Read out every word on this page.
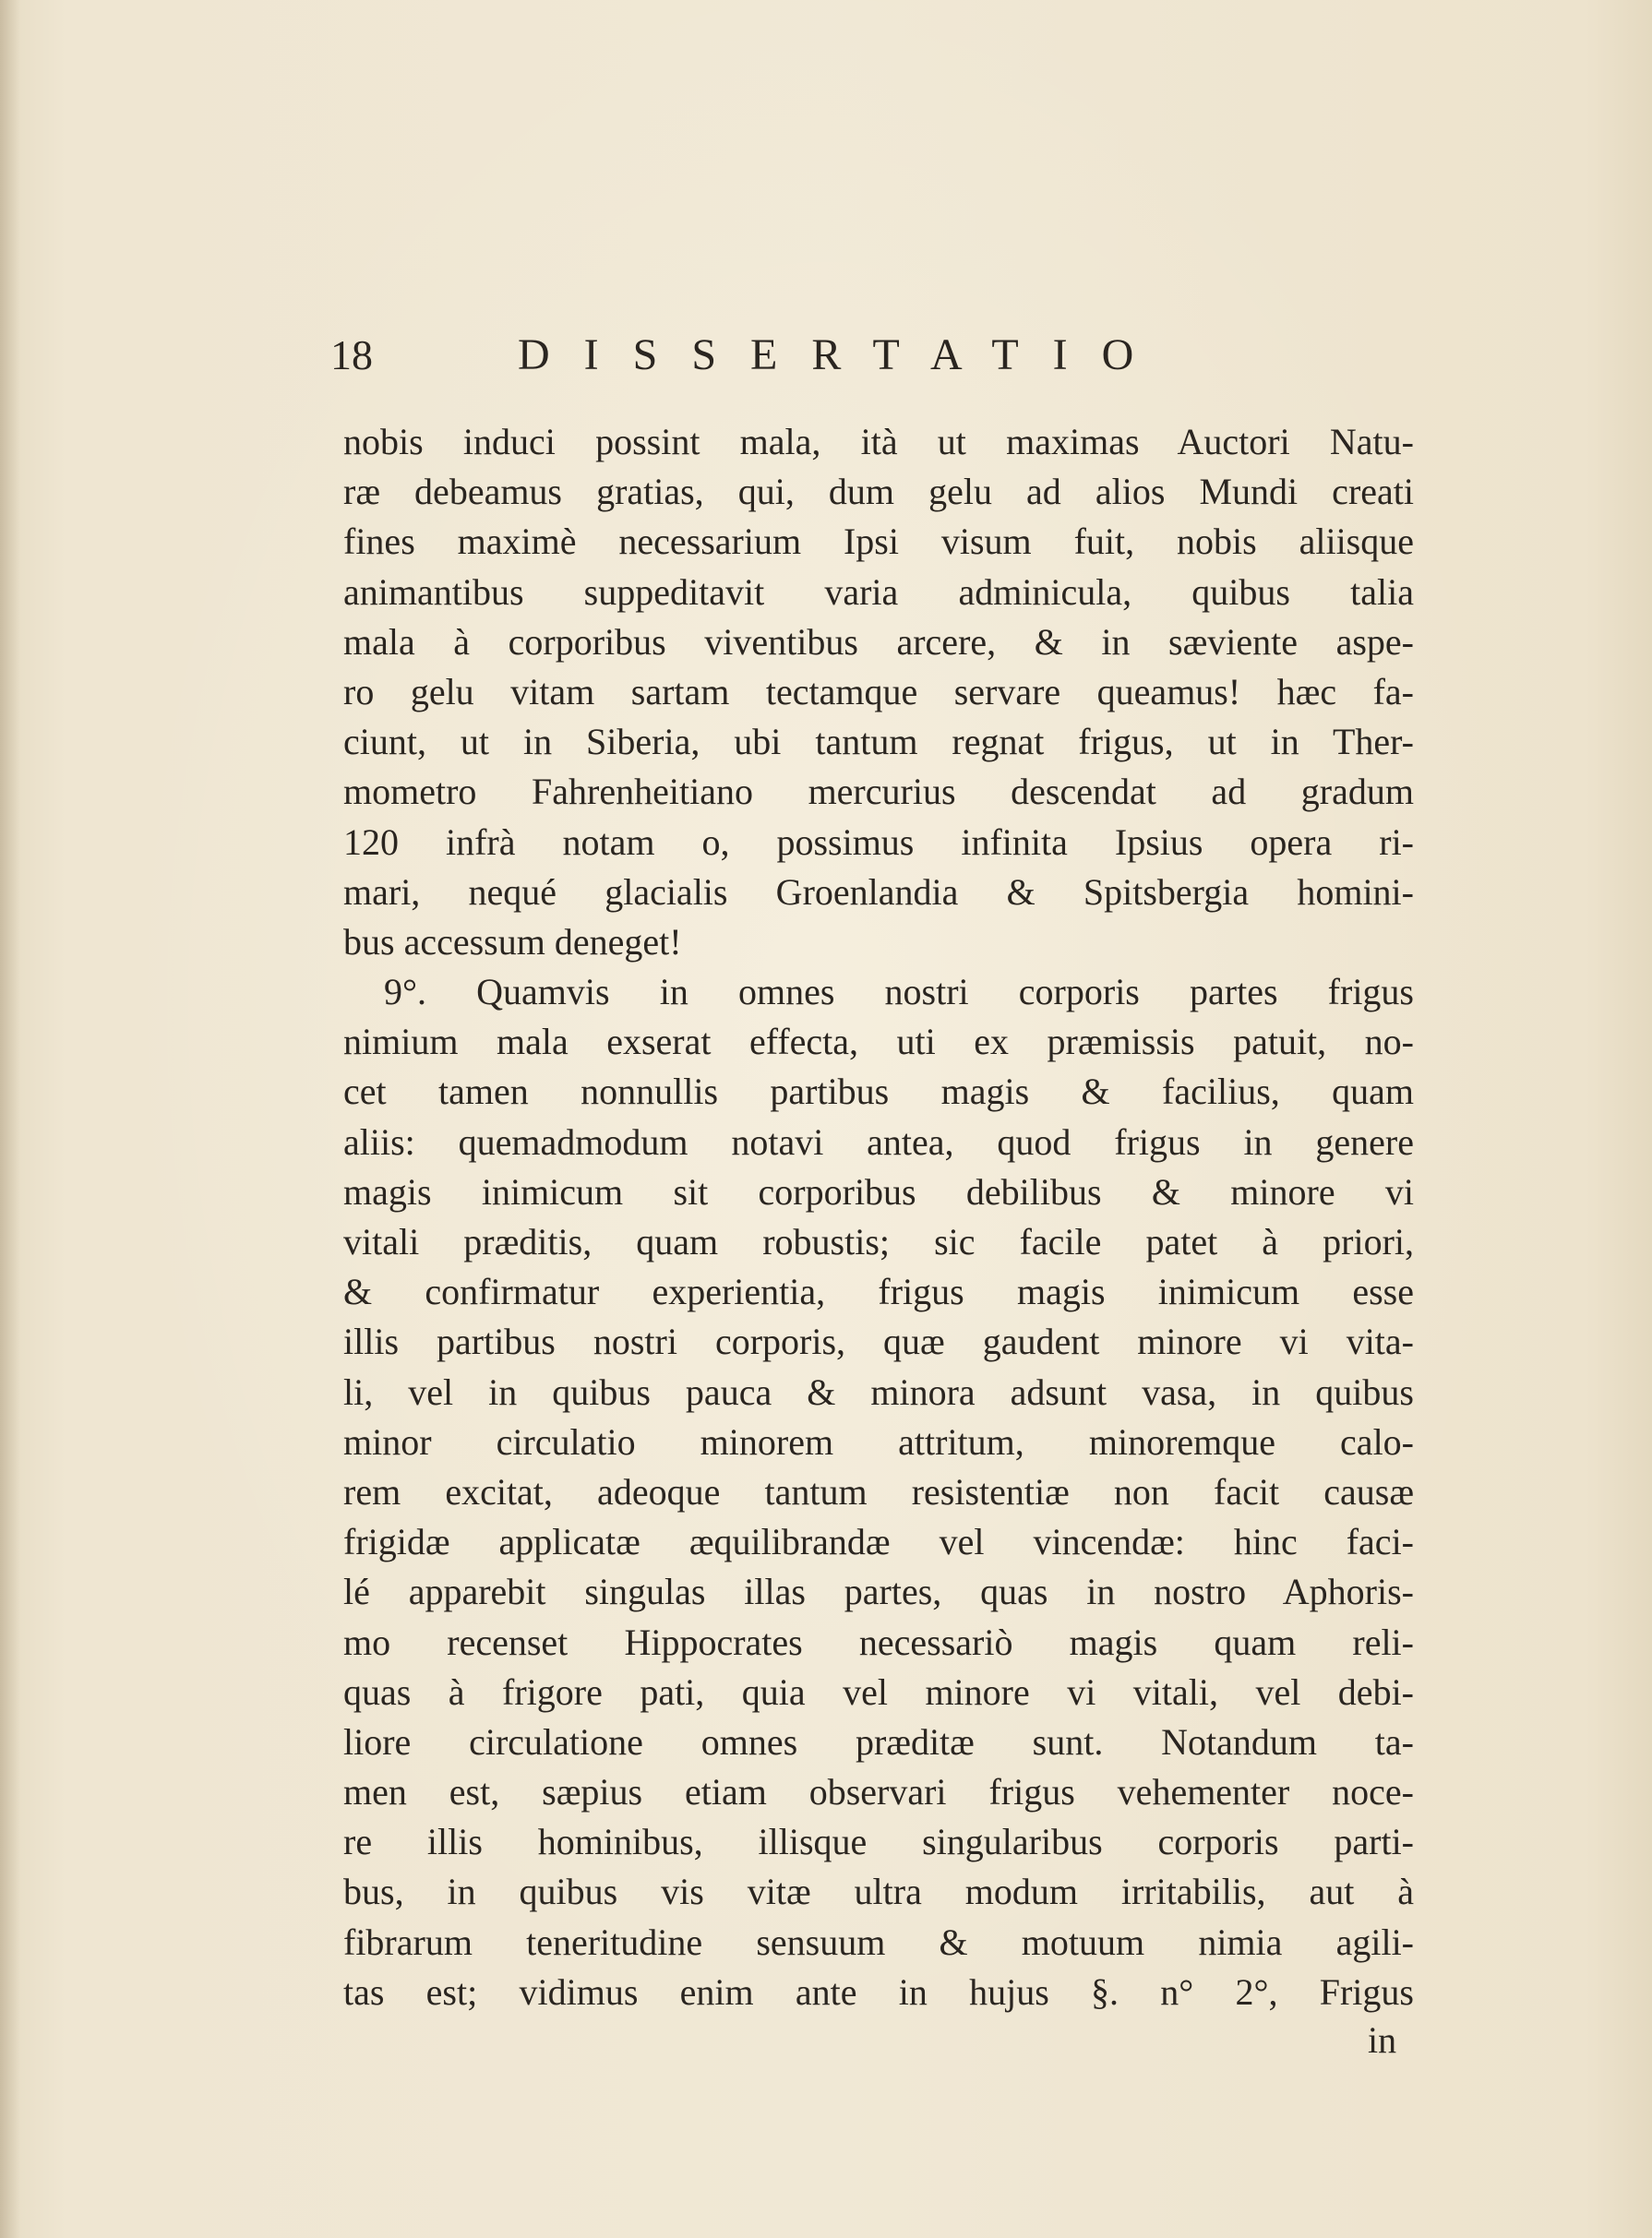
18	DISSERTATIO
nobis induci possint mala, ità ut maximas Auctori Natu-
ræ debeamus gratias, qui, dum gelu ad alios Mundi creati
fines maximè necessarium Ipsi visum fuit, nobis aliisque
animantibus suppeditavit varia adminicula, quibus talia
mala à corporibus viventibus arcere, & in sæviente aspe-
ro gelu vitam sartam tectamque servare queamus! hæc fa-
ciunt, ut in Siberia, ubi tantum regnat frigus, ut in Ther-
mometro Fahrenheitiano mercurius descendat ad gradum
120 infrà notam o, possimus infinita Ipsius opera ri-
mari, nequé glacialis Groenlandia & Spitsbergia homini-
bus accessum deneget!
9°. Quamvis in omnes nostri corporis partes frigus
nimium mala exserat effecta, uti ex præmissis patuit, no-
cet tamen nonnullis partibus magis & facilius, quam
aliis: quemadmodum notavi antea, quod frigus in genere
magis inimicum sit corporibus debilibus & minore vi
vitali præditis, quam robustis; sic facile patet à priori,
& confirmatur experientia, frigus magis inimicum esse
illis partibus nostri corporis, quæ gaudent minore vi vita-
li, vel in quibus pauca & minora adsunt vasa, in quibus
minor circulatio minorem attritum, minoremque calo-
rem excitat, adeoque tantum resistentiæ non facit causæ
frigidæ applicatæ æquilibrandæ vel vincendæ: hinc faci-
lé apparebit singulas illas partes, quas in nostro Aphoris-
mo recenset Hippocrates necessariò magis quam reli-
quas à frigore pati, quia vel minore vi vitali, vel debi-
liore circulatione omnes præditæ sunt. Notandum ta-
men est, sæpius etiam observari frigus vehementer noce-
re illis hominibus, illisque singularibus corporis parti-
bus, in quibus vis vitæ ultra modum irritabilis, aut à
fibrarum teneritudine sensuum & motuum nimia agili-
tas est; vidimus enim ante in hujus §. n° 2°, Frigus
in
